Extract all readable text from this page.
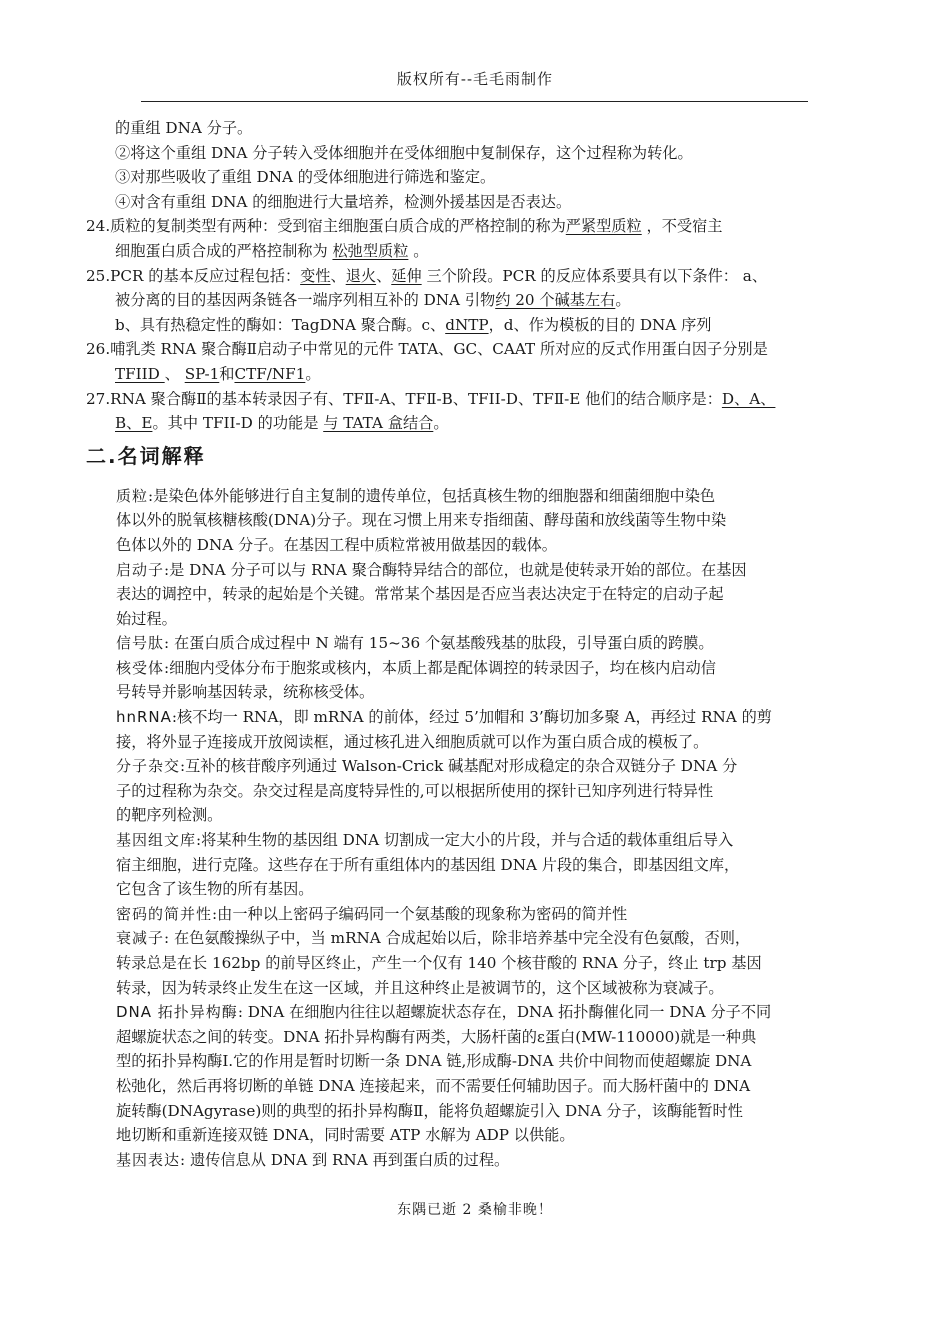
版权所有--毛毛雨制作
的重组 DNA 分子。
②将这个重组 DNA 分子转入受体细胞并在受体细胞中复制保存，这个过程称为转化。
③对那些吸收了重组 DNA 的受体细胞进行筛选和鉴定。
④对含有重组 DNA 的细胞进行大量培养，检测外援基因是否表达。
24.质粒的复制类型有两种：受到宿主细胞蛋白质合成的严格控制的称为严紧型质粒 ，不受宿主
细胞蛋白质合成的严格控制称为 松弛型质粒 。
25.PCR 的基本反应过程包括：变性、退火、延伸 三个阶段。PCR 的反应体系要具有以下条件： a、
被分离的目的基因两条链各一端序列相互补的 DNA 引物约 20 个碱基左右。
b、具有热稳定性的酶如：TagDNA 聚合酶。c、dNTP，d、作为模板的目的 DNA 序列
26.哺乳类 RNA 聚合酶Ⅱ启动子中常见的元件 TATA、GC、CAAT 所对应的反式作用蛋白因子分别是
TFIID 、 SP-1和CTF/NF1。
27.RNA 聚合酶Ⅱ的基本转录因子有、TFⅡ-A、TFⅡ-B、TFII-D、TFⅡ-E 他们的结合顺序是：D、A、
B、E。其中 TFII-D 的功能是 与 TATA 盒结合。
二.名词解释
质粒:是染色体外能够进行自主复制的遗传单位，包括真核生物的细胞器和细菌细胞中染色
体以外的脱氧核糖核酸(DNA)分子。现在习惯上用来专指细菌、酵母菌和放线菌等生物中染
色体以外的 DNA 分子。在基因工程中质粒常被用做基因的载体。
启动子:是 DNA 分子可以与 RNA 聚合酶特异结合的部位，也就是使转录开始的部位。在基因
表达的调控中，转录的起始是个关键。常常某个基因是否应当表达决定于在特定的启动子起
始过程。
信号肽: 在蛋白质合成过程中 N 端有 15~36 个氨基酸残基的肽段，引导蛋白质的跨膜。
核受体:细胞内受体分布于胞浆或核内，本质上都是配体调控的转录因子，均在核内启动信
号转导并影响基因转录，统称核受体。
hnRNA:核不均一 RNA，即 mRNA 的前体，经过 5’加帽和 3’酶切加多聚 A，再经过 RNA 的剪
接，将外显子连接成开放阅读框，通过核孔进入细胞质就可以作为蛋白质合成的模板了。
分子杂交:互补的核苷酸序列通过 Walson-Crick 碱基配对形成稳定的杂合双链分子 DNA 分
子的过程称为杂交。杂交过程是高度特异性的,可以根据所使用的探针已知序列进行特异性
的靶序列检测。
基因组文库:将某种生物的基因组 DNA 切割成一定大小的片段，并与合适的载体重组后导入
宿主细胞，进行克隆。这些存在于所有重组体内的基因组 DNA 片段的集合，即基因组文库，
它包含了该生物的所有基因。
密码的简并性:由一种以上密码子编码同一个氨基酸的现象称为密码的简并性
衰减子: 在色氨酸操纵子中，当 mRNA 合成起始以后，除非培养基中完全没有色氨酸，否则，
转录总是在长 162bp 的前导区终止，产生一个仅有 140 个核苷酸的 RNA 分子，终止 trp 基因
转录，因为转录终止发生在这一区域，并且这种终止是被调节的，这个区域被称为衰减子。
DNA 拓扑异构酶: DNA 在细胞内往往以超螺旋状态存在，DNA 拓扑酶催化同一 DNA 分子不同
超螺旋状态之间的转变。DNA 拓扑异构酶有两类，大肠杆菌的ε蛋白(MW-110000)就是一种典
型的拓扑异构酶Ⅰ.它的作用是暂时切断一条 DNA 链,形成酶-DNA 共价中间物而使超螺旋 DNA
松弛化，然后再将切断的单链 DNA 连接起来，而不需要任何辅助因子。而大肠杆菌中的 DNA
旋转酶(DNAgyrase)则的典型的拓扑异构酶Ⅱ，能将负超螺旋引入 DNA 分子，该酶能暂时性
地切断和重新连接双链 DNA，同时需要 ATP 水解为 ADP 以供能。
基因表达: 遗传信息从 DNA 到 RNA 再到蛋白质的过程。
东隅已逝 2 桑榆非晚！
